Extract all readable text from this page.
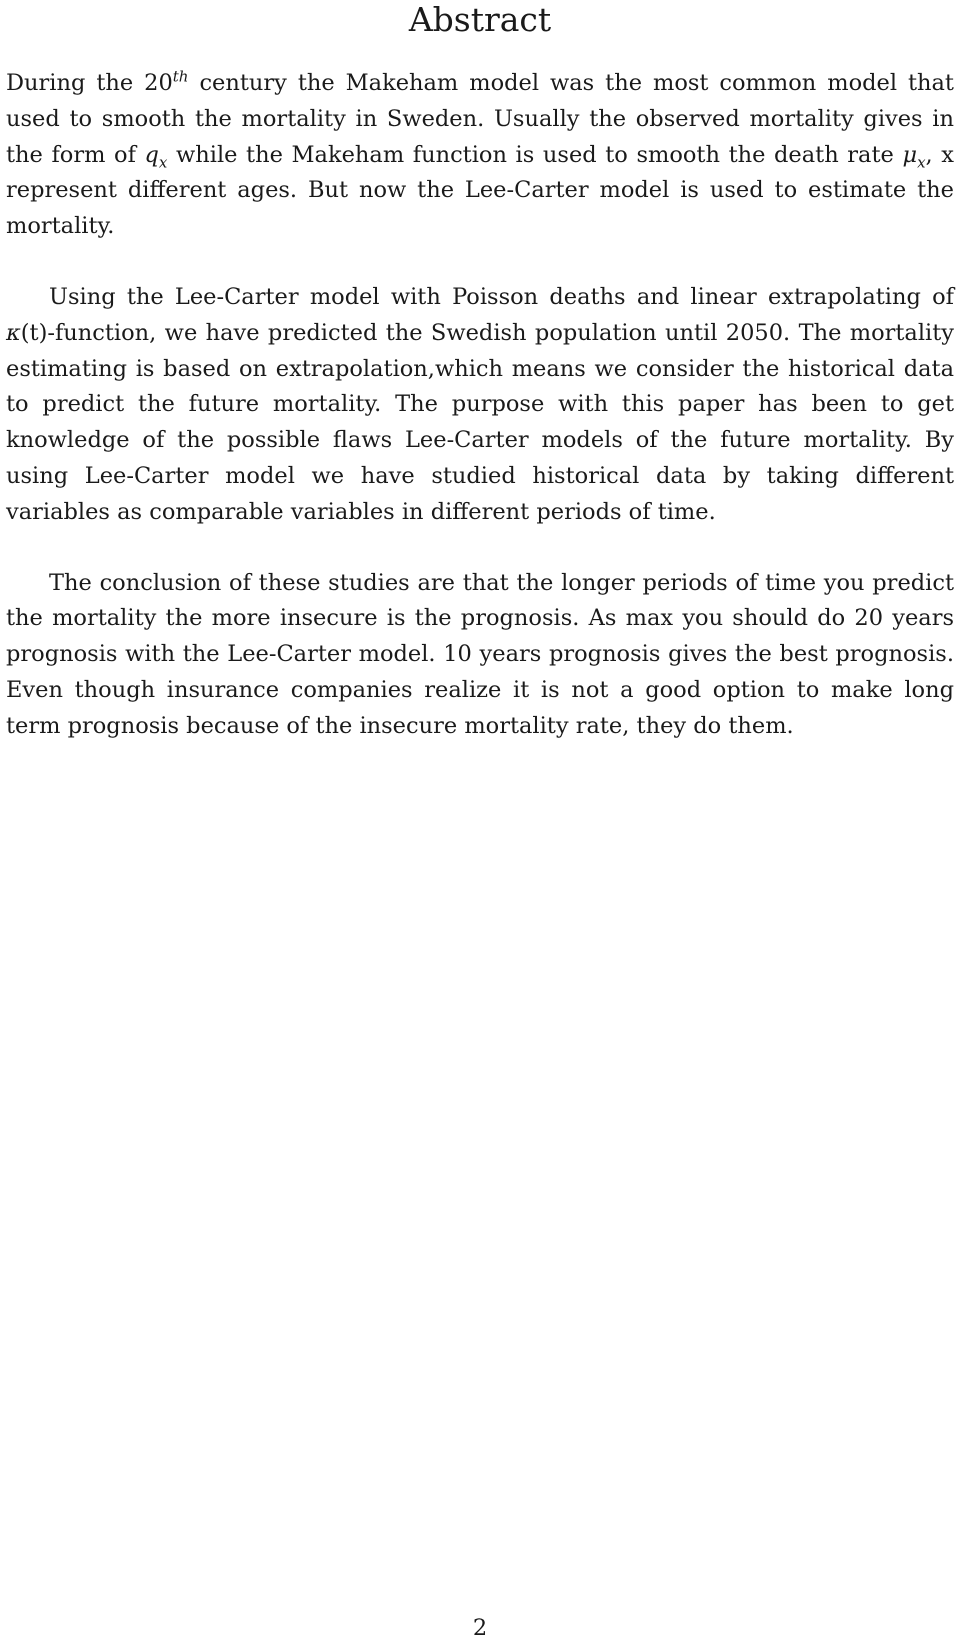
Abstract

During the 20th century the Makeham model was the most common model that used to smooth the mortality in Sweden. Usually the observed mortality gives in the form of $q_x$ while the Makeham function is used to smooth the death rate $\mu_x$, x represent different ages. But now the Lee-Carter model is used to estimate the mortality.

Using the Lee-Carter model with Poisson deaths and linear extrapolating of κ(t)-function, we have predicted the Swedish population until 2050. The mortality estimating is based on extrapolation,which means we consider the historical data to predict the future mortality. The purpose with this paper has been to get knowledge of the possible flaws Lee-Carter models of the future mortality. By using Lee-Carter model we have studied historical data by taking different variables as comparable variables in different periods of time.

The conclusion of these studies are that the longer periods of time you predict the mortality the more insecure is the prognosis. As max you should do 20 years prognosis with the Lee-Carter model. 10 years prognosis gives the best prognosis. Even though insurance companies realize it is not a good option to make long term prognosis because of the insecure mortality rate, they do them.

2
